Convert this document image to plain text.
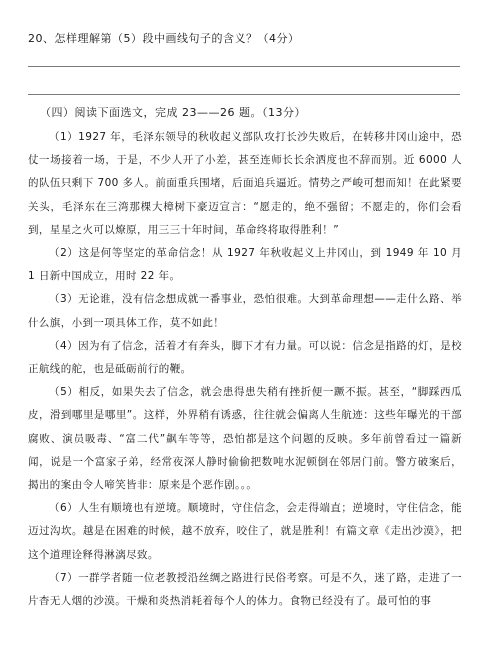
20、怎样理解第（5）段中画线句子的含义？（4分）
（四）阅读下面选文，完成 23——26 题。（13分）

（1）1927 年，毛泽东领导的秋收起义部队攻打长沙失败后，在转移井冈山途中，恐仗一场接着一场，于是，不少人开了小差，甚至连师长长余洒度也不辞而别。近 6000 人的队伍只剩下 700 多人。前面重兵围堵，后面追兵逼近。情势之严峻可想而知！在此紧要关头，毛泽东在三湾那棵大樟树下豪迈宣言：“愿走的，绝不强留；不愿走的，你们会看到，星星之火可以燎原，用三三十年时间，革命终将取得胜利！”

（2）这是何等坚定的革命信念！从 1927 年秋收起义上井冈山，到 1949 年 10 月 1 日新中国成立，用时 22 年。

（3）无论谁，没有信念想成就一番事业，恐怕很难。大到革命理想——走什么路、举什么旗，小到一项具体工作，莫不如此！

（4）因为有了信念，活着才有奔头，脚下才有力量。可以说：信念是指路的灯，是校正航线的舵，也是砥砺前行的鞭。

（5）相反，如果失去了信念，就会患得患失稍有挫折便一蹶不振。甚至，“脚踩西瓜皮，滑到哪里是哪里”。这样，外界稍有诱惑，往往就会偏离人生航迹：这些年曝光的干部腐败、演员吸毒、“富二代”飙车等等，恐怕都是这个问题的反映。多年前曾看过一篇新闻，说是一个富家子弟，经常夜深人静时偷偷把数吨水泥顿倒在邻居门前。警方破案后，揭出的案由令人啼笑皆非：原来是个恶作剧。。。

（6）人生有顺境也有逆境。顺境时，守住信念，会走得端直；逆境时，守住信念，能迈过沟坎。越是在困难的时候，越不放弃，咬住了，就是胜利！有篇文章《走出沙漠》，把这个道理诠释得淋漓尽致。

（7）一群学者随一位老教授沿丝绸之路进行民俗考察。可是不久，迷了路，走进了一片杳无人烟的沙漠。干燥和炎热消耗着每个人的体力。食物已经没有了。最可怕的事
